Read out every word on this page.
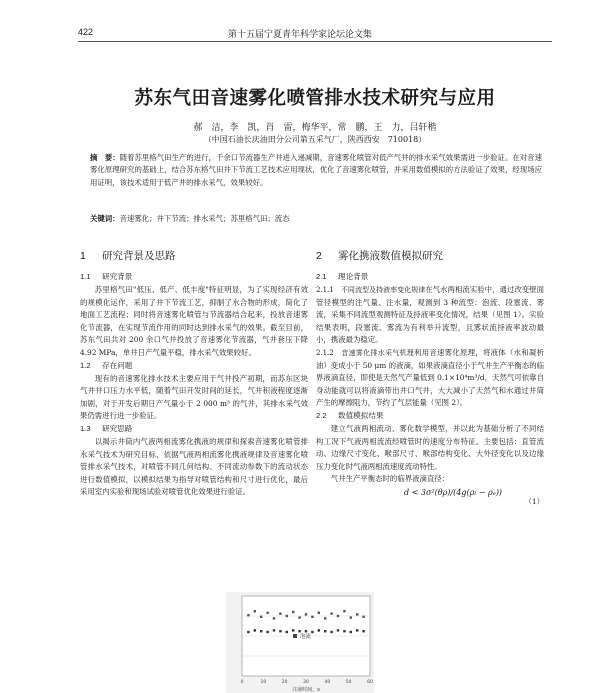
422	第十五届宁夏青年科学家论坛论文集
苏东气田音速雾化喷管排水技术研究与应用
郝　洁，李　凯，肖　雷，梅华平，常　鹏，王　力，吕轩楷
（中国石油长庆油田分公司第五采气厂，陕西西安　710018）
摘　要：随着苏里格气田生产的进行，千余口节流器生产井进入递减期，音速雾化喷管对低产气井的排水采气效果需进一步验证。在对音速雾化原理研究的基础上，结合苏东格气田井下节流工艺技术应用现状，优化了音速雾化喷管，并采用数值模拟的方法验证了效果，经现场应用证明，该技术适用于低产井的排水采气，效果较好。
关键词：音速雾化；井下节流；排水采气；苏里格气田；流态
1 研究背景及思路
1.1 研究背景

苏里格气田"低压、低产、低丰度"特征明显，为了实现经济有效的规模化运作，采用了井下节流工艺，抑制了水合物的形成，简化了地面工艺流程；同时将音速雾化喷管与节流器结合起来，投放音速雾化节流器，在实现节流作用的同时达到排水采气的效果。截至目前，苏东气田共对 200 余口气井投放了音速雾化节流器，气井套压下降 4.92 MPa，单井日产气量平稳，排水采气效果较好。

1.2 存在问题

现有的音速雾化排水技术主要应用于气井投产初期，而苏东区块气井井口压力水平低，随着气田开发时间的延长，气井积液程度逐渐加剧，对于开发后期日产气量小于 2 000 m³ 的气井，其排水采气效果仍需进行进一步验证。

1.3 研究思路

以揭示井筒内气液两相流雾化携液的规律和探索音速雾化喷管排水采气技术为研究目标，依据气液两相流雾化携液规律及音速雾化喷管排水采气技术，对喷管不同几何结构、不同流动参数下的流动状态进行数值模拟，以模拟结果为指导对喷管结构和尺寸进行优化，最后采用室内实验和现场试验对喷管优化效果进行验证。

2 雾化携液数值模拟研究
2.1 理论背景

2.1.1　不同流型及持液率变化规律在气水两相流实验中，通过改变壁面管径模型的注气量、注水量，观测到 3 种流型：泡流、段塞流、雾流，采集不同流型观测特征及持液率变化情况，结果（见图 1）。实验结果表明，段塞流、雾流为有利举升流型，且雾状流持液率波动最小，携液最为稳定。

2.1.2　音速雾化排水采气机理利用音速雾化原理，将液体（水和凝析油）变成小于 50 μm 的液滴，如果液滴直径小于气井生产平衡态的临界液滴直径，即使是天然气产量低到 0.1×10⁴m³/d，天然气可依靠自身动能就可以将液滴带出井口气井，大大减小了天然气和水通过井筒产生的摩擦阻力，节约了气层能量（见图 2）。

2.2 数值模拟结果

建立气液两相流动、雾化数学模型，并以此为基础分析了不同结构工况下气液两相流流经喷管时的速度分布特征。主要包括：直管流动、边缘尺寸变化、喉部尺寸、喉部结构变化、大外径变化以及边缘压力变化时气液两相流速度流动特性。

气井生产平衡态时的临界液滴直径：

d < 3σ²(θρ)/(4g(ρₗ − ρₑ))
（1）
0	10	20	30	40	50	60
泡流
注液时间，s
